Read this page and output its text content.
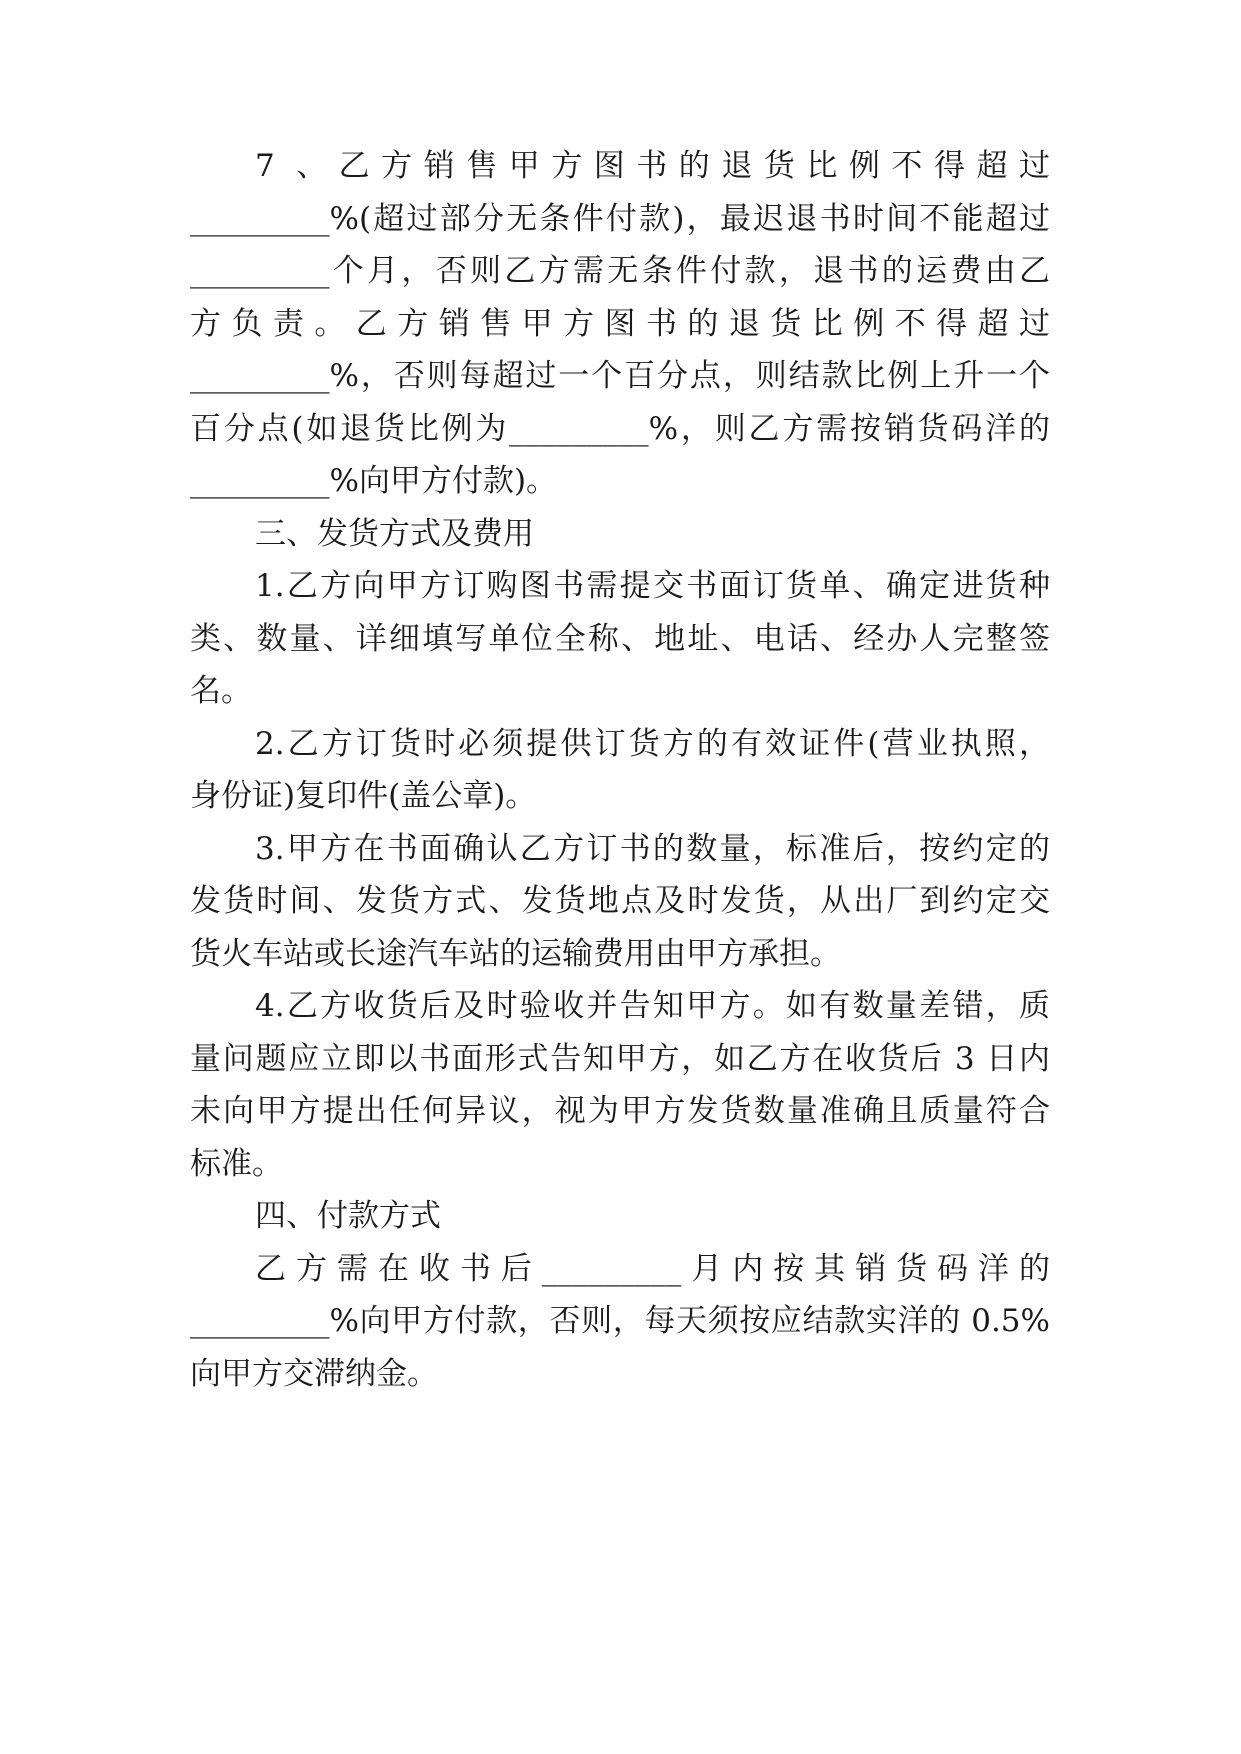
7 、乙方销售甲方图书的退货比例不得超过
_________%(超过部分无条件付款)，最迟退书时间不能超过
_________个月，否则乙方需无条件付款，退书的运费由乙
方负责。乙方销售甲方图书的退货比例不得超过
_________%，否则每超过一个百分点，则结款比例上升一个
百分点(如退货比例为_________%，则乙方需按销货码洋的
_________%向甲方付款)。
三、发货方式及费用
1.乙方向甲方订购图书需提交书面订货单、确定进货种
类、数量、详细填写单位全称、地址、电话、经办人完整签
名。
2.乙方订货时必须提供订货方的有效证件(营业执照，
身份证)复印件(盖公章)。
3.甲方在书面确认乙方订书的数量，标准后，按约定的
发货时间、发货方式、发货地点及时发货，从出厂到约定交
货火车站或长途汽车站的运输费用由甲方承担。
4.乙方收货后及时验收并告知甲方。如有数量差错，质
量问题应立即以书面形式告知甲方，如乙方在收货后 3 日内
未向甲方提出任何异议，视为甲方发货数量准确且质量符合
标准。
四、付款方式
乙方需在收书后_________月内按其销货码洋的
_________%向甲方付款，否则，每天须按应结款实洋的 0.5%
向甲方交滞纳金。
